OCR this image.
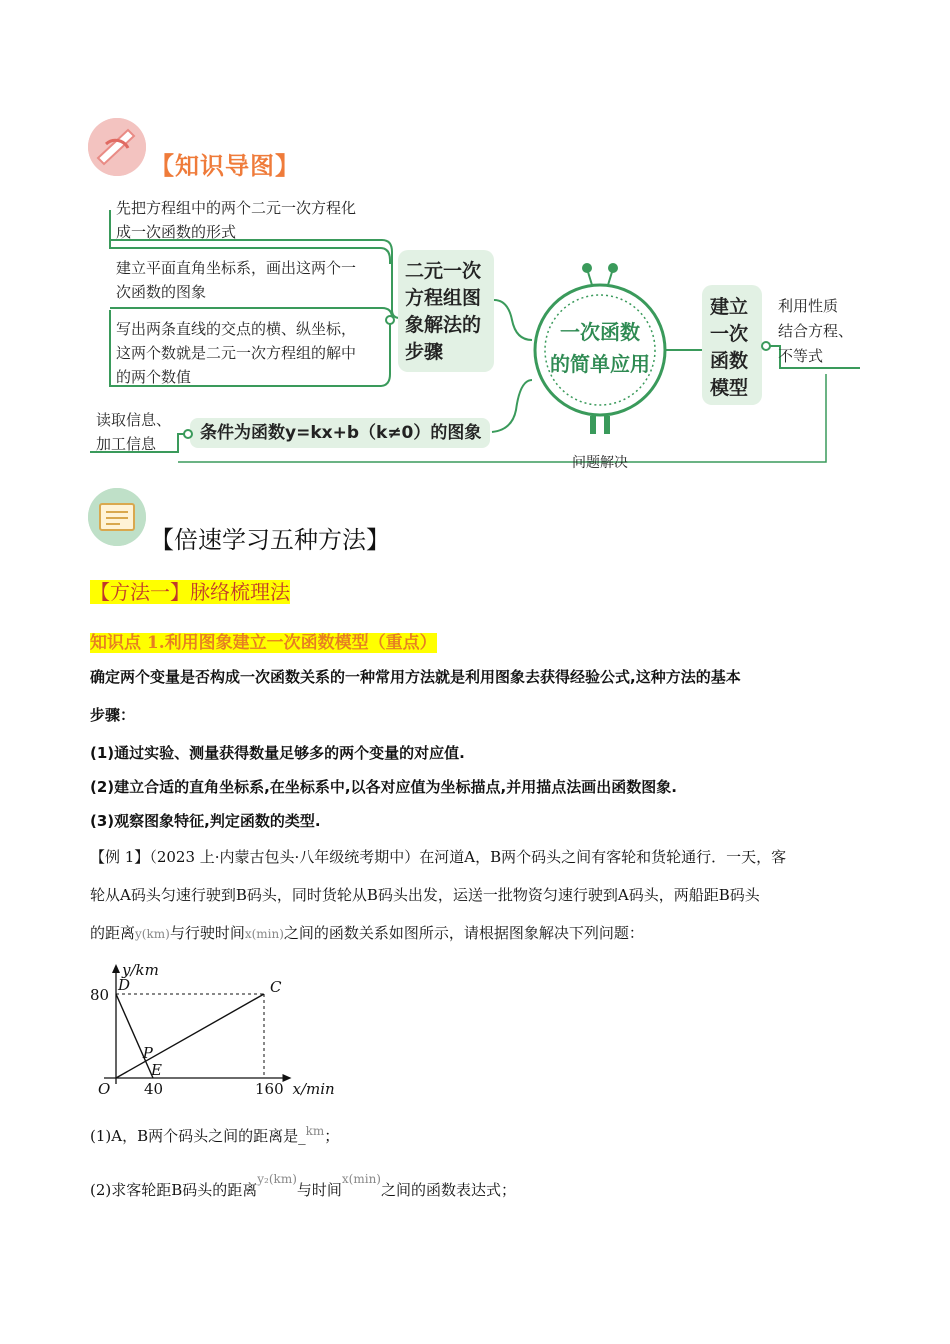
【知识导图】
先把方程组中的两个二元一次方程化
成一次函数的形式
建立平面直角坐标系，画出这两个一
次函数的图象
写出两条直线的交点的横、纵坐标，
这两个数就是二元一次方程组的解中
的两个数值
二元一次
方程组图
象解法的
步骤
一次函数
的简单应用
建立
一次
函数
模型
利用性质
结合方程、
不等式
读取信息、
加工信息
条件为函数y=kx+b（k≠0）的图象
问题解决
【倍速学习五种方法】
【方法一】脉络梳理法
知识点 1.利用图象建立一次函数模型（重点）
确定两个变量是否构成一次函数关系的一种常用方法就是利用图象去获得经验公式,这种方法的基本
步骤：
(1)通过实验、测量获得数量足够多的两个变量的对应值.
(2)建立合适的直角坐标系,在坐标系中,以各对应值为坐标描点,并用描点法画出函数图象.
(3)观察图象特征,判定函数的类型.
【例 1】（2023 上·内蒙古包头·八年级统考期中）在河道A，B两个码头之间有客轮和货轮通行．一天，客
轮从A码头匀速行驶到B码头，同时货轮从B码头出发，运送一批物资匀速行驶到A码头，两船距B码头
的距离y(km)与行驶时间x(min)之间的函数关系如图所示，请根据图象解决下列问题：
y/km
x/min
O 40	160
80
D	C
P
E
(1)A，B两个码头之间的距离是_$^{km}$；
(2)求客轮距B码头的距离$^{y_2(km)}$与时间$^{x(min)}$之间的函数表达式；
